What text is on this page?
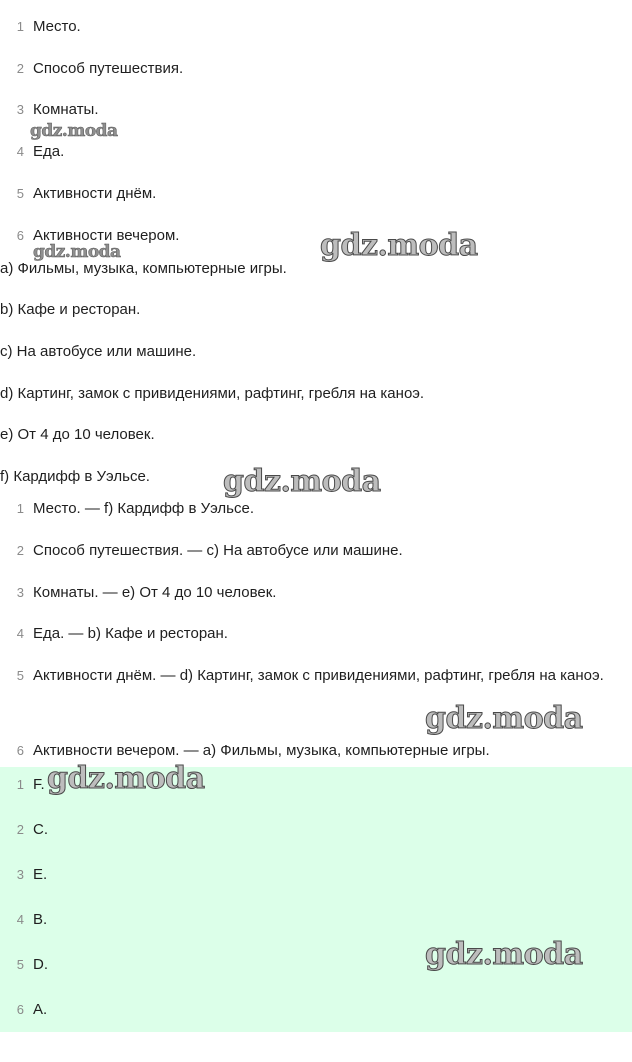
1 Место.
2 Способ путешествия.
3 Комнаты.
4 Еда.
5 Активности днём.
6 Активности вечером.
a) Фильмы, музыка, компьютерные игры.
b) Кафе и ресторан.
c) На автобусе или машине.
d) Картинг, замок с привидениями, рафтинг, гребля на каноэ.
e) От 4 до 10 человек.
f) Кардифф в Уэльсе.
1 Место. — f) Кардифф в Уэльсе.
2 Способ путешествия. — c) На автобусе или машине.
3 Комнаты. — e) От 4 до 10 человек.
4 Еда. — b) Кафе и ресторан.
5 Активности днём. — d) Картинг, замок с привидениями, рафтинг, гребля на каноэ.
6 Активности вечером. — a) Фильмы, музыка, компьютерные игры.
1 F.
2 C.
3 E.
4 B.
5 D.
6 A.
gdz.moda
gdz.moda	gdz.moda
gdz.moda
gdz.moda
gdz.moda
gdz.moda
